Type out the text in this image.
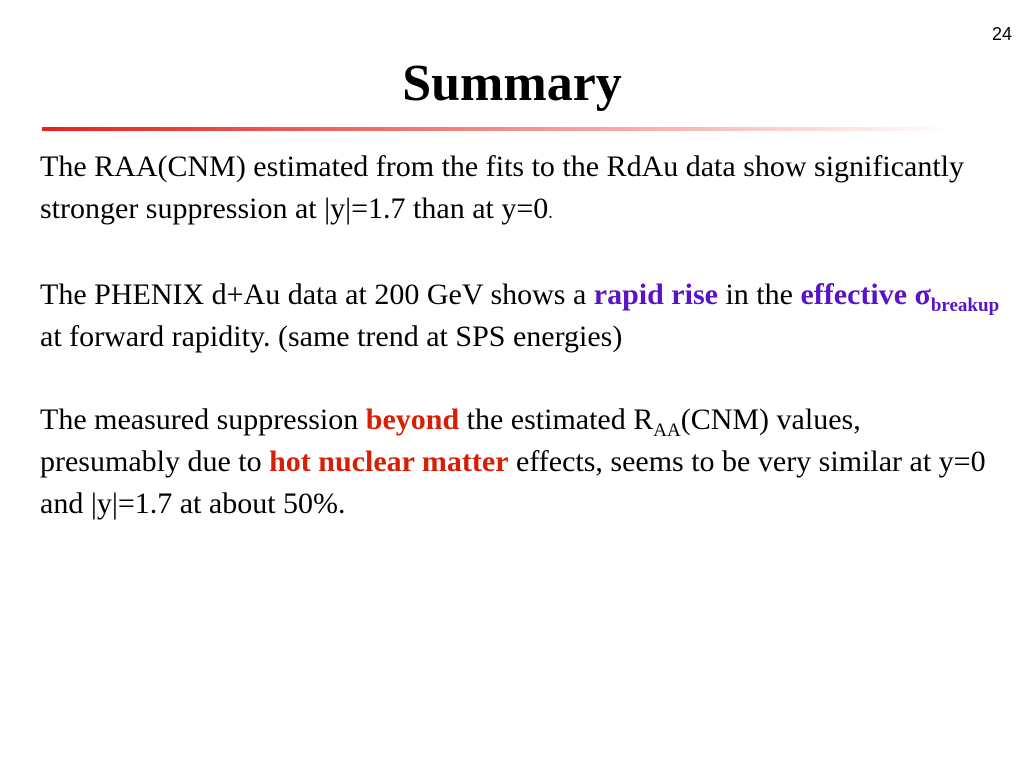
24
Summary

The RAA(CNM) estimated from the fits to the RdAu data show significantly stronger suppression at |y|=1.7 than at y=0.

The PHENIX d+Au data at 200 GeV shows a rapid rise in the effective $\sigma_{breakup}$ at forward rapidity. (same trend at SPS energies)

The measured suppression beyond the estimated $R_{AA}(CNM)$ values, presumably due to hot nuclear matter effects, seems to be very similar at y=0 and |y|=1.7 at about 50%.
